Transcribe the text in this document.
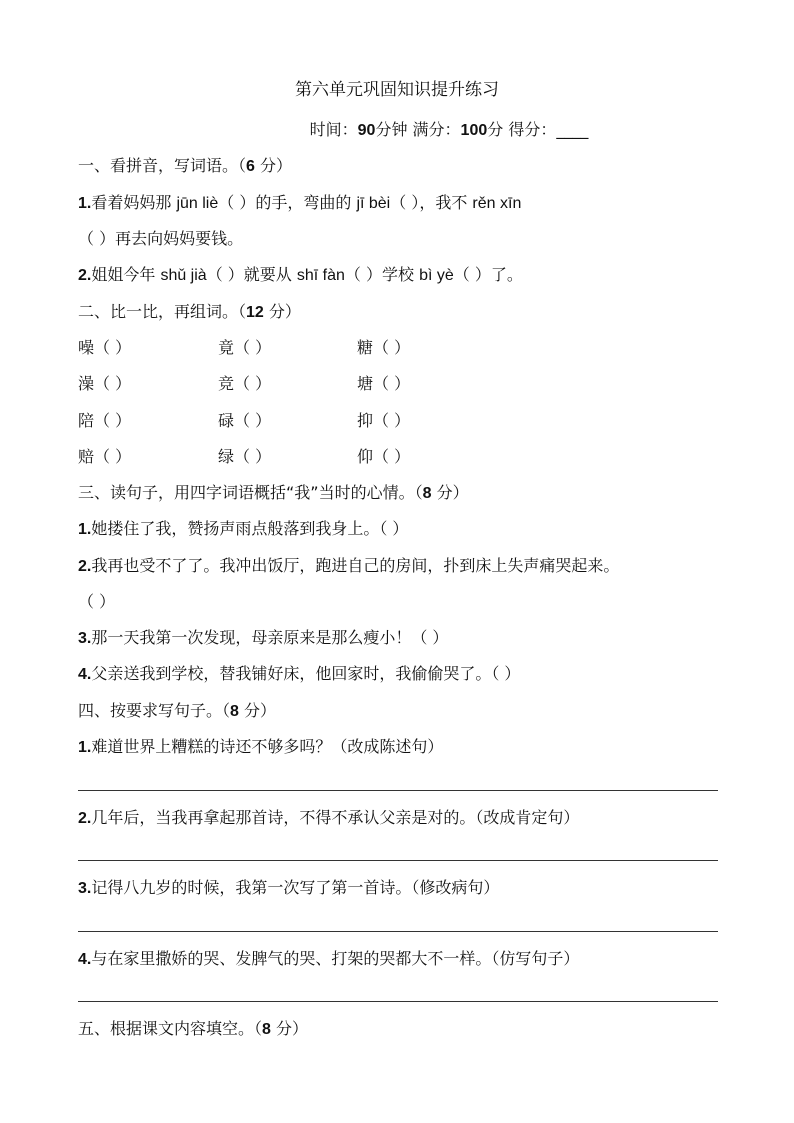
第六单元巩固知识提升练习
时间：90分钟 满分：100分 得分：____
一、看拼音，写词语。（6 分）
1.看着妈妈那 jūn liè（ ）的手，弯曲的 jī bèi（ ），我不 rěn xīn
（ ）再去向妈妈要钱。
2.姐姐今年 shǔ jià（ ）就要从 shī fàn（ ）学校 bì yè（ ）了。
二、比一比，再组词。（12 分）
噪（ ）	竟（ ）	糖（ ）
澡（ ）	竞（ ）	塘（ ）
陪（ ）	碌（ ）	抑（ ）
赔（ ）	绿（ ）	仰（ ）
三、读句子，用四字词语概括“我”当时的心情。（8 分）
1.她搂住了我，赞扬声雨点般落到我身上。（ ）
2.我再也受不了了。我冲出饭厅，跑进自己的房间，扑到床上失声痛哭起来。
（ ）
3.那一天我第一次发现，母亲原来是那么瘦小！（ ）
4.父亲送我到学校，替我铺好床，他回家时，我偷偷哭了。（ ）
四、按要求写句子。（8 分）
1.难道世界上糟糕的诗还不够多吗？（改成陈述句）
2.几年后，当我再拿起那首诗，不得不承认父亲是对的。（改成肯定句）
3.记得八九岁的时候，我第一次写了第一首诗。（修改病句）
4.与在家里撒娇的哭、发脾气的哭、打架的哭都大不一样。（仿写句子）
五、根据课文内容填空。（8 分）
